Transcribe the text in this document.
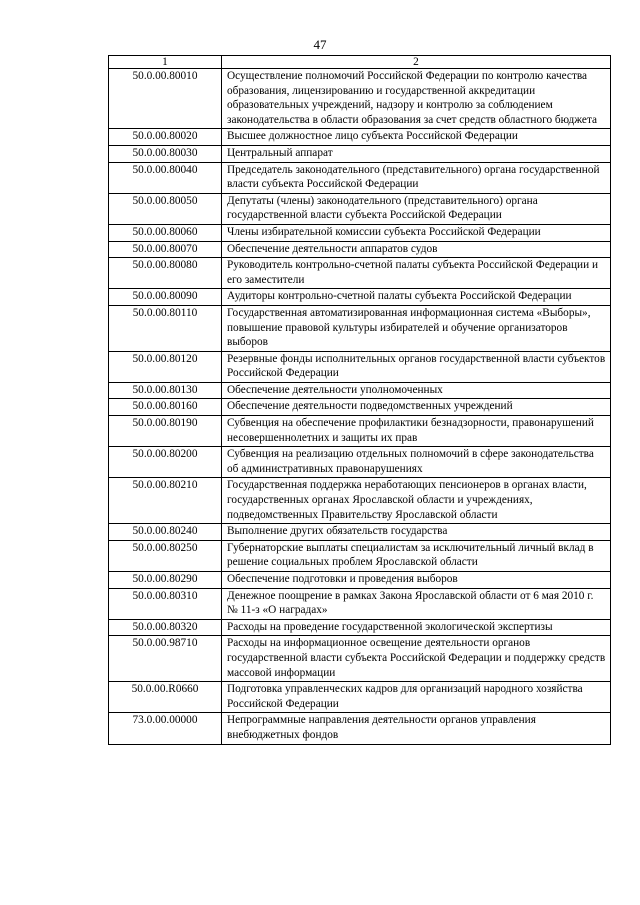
47
1	2
50.0.00.80010	Осуществление полномочий Российской Федерации по контролю качества образования, лицензированию и государственной аккредитации образовательных учреждений, надзору и контролю за соблюдением законодательства в области образования за счет средств областного бюджета
50.0.00.80020	Высшее должностное лицо субъекта Российской Федерации
50.0.00.80030	Центральный аппарат
50.0.00.80040	Председатель законодательного (представительного) органа государственной власти субъекта Российской Федерации
50.0.00.80050	Депутаты (члены) законодательного (представительного) органа государственной власти субъекта Российской Федерации
50.0.00.80060	Члены избирательной комиссии субъекта Российской Федерации
50.0.00.80070	Обеспечение деятельности аппаратов судов
50.0.00.80080	Руководитель контрольно-счетной палаты субъекта Российской Федерации и его заместители
50.0.00.80090	Аудиторы контрольно-счетной палаты субъекта Российской Федерации
50.0.00.80110	Государственная автоматизированная информационная система «Выборы», повышение правовой культуры избирателей и обучение организаторов выборов
50.0.00.80120	Резервные фонды исполнительных органов государственной власти субъектов Российской Федерации
50.0.00.80130	Обеспечение деятельности уполномоченных
50.0.00.80160	Обеспечение деятельности подведомственных учреждений
50.0.00.80190	Субвенция на обеспечение профилактики безнадзорности, правонарушений несовершеннолетних и защиты их прав
50.0.00.80200	Субвенция на реализацию отдельных полномочий в сфере законодательства об административных правонарушениях
50.0.00.80210	Государственная поддержка неработающих пенсионеров в органах власти, государственных органах Ярославской области и учреждениях, подведомственных Правительству Ярославской области
50.0.00.80240	Выполнение других обязательств государства
50.0.00.80250	Губернаторские выплаты специалистам за исключительный личный вклад в решение социальных проблем Ярославской области
50.0.00.80290	Обеспечение подготовки и проведения выборов
50.0.00.80310	Денежное поощрение в рамках Закона Ярославской области от 6 мая 2010 г. № 11-з «О наградах»
50.0.00.80320	Расходы на проведение государственной экологической экспертизы
50.0.00.98710	Расходы на информационное освещение деятельности органов государственной власти субъекта Российской Федерации и поддержку средств массовой информации
50.0.00.R0660	Подготовка управленческих кадров для организаций народного хозяйства Российской Федерации
73.0.00.00000	Непрограммные направления деятельности органов управления внебюджетных фондов
